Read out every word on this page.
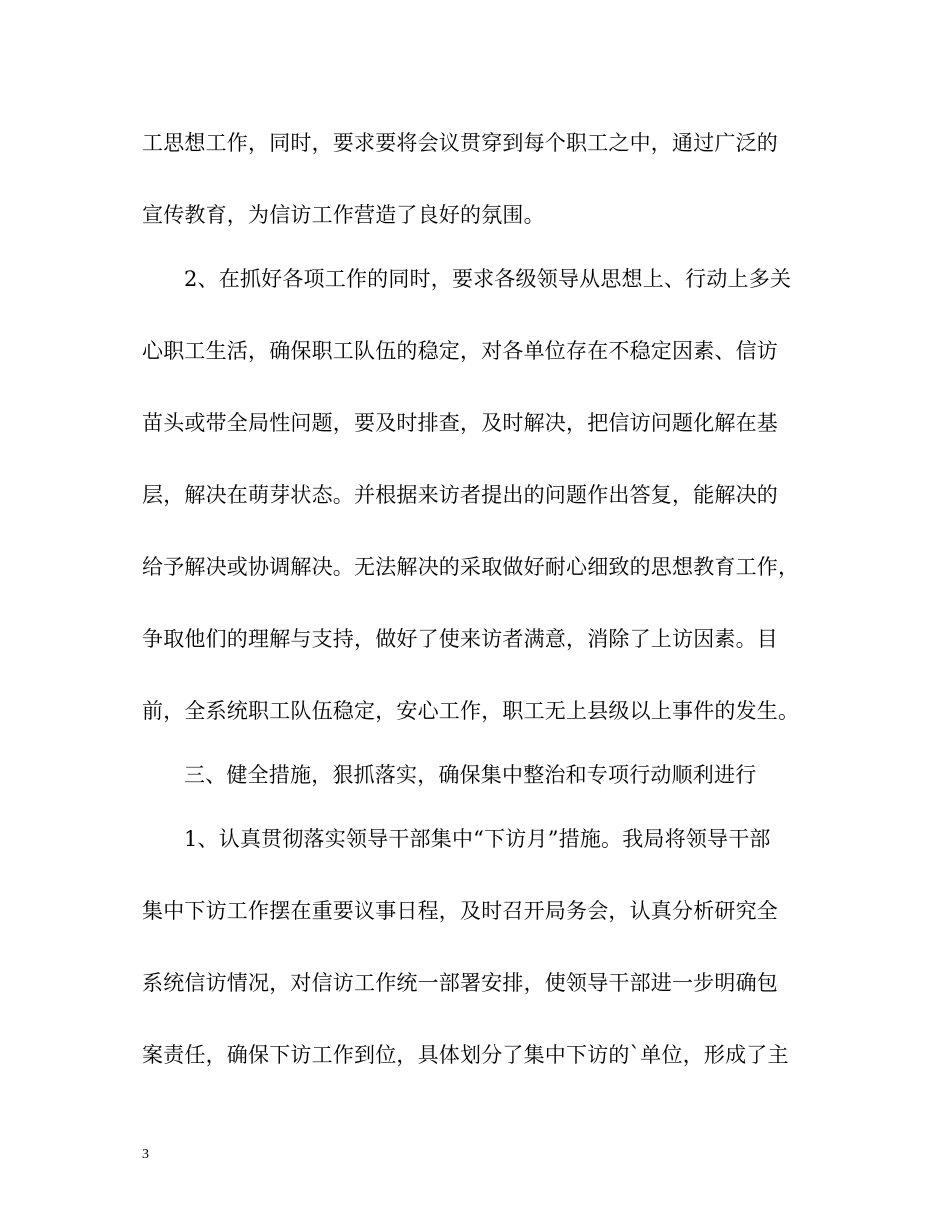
工思想工作，同时，要求要将会议贯穿到每个职工之中，通过广泛的
宣传教育，为信访工作营造了良好的氛围。
2、在抓好各项工作的同时，要求各级领导从思想上、行动上多关
心职工生活，确保职工队伍的稳定，对各单位存在不稳定因素、信访
苗头或带全局性问题，要及时排查，及时解决，把信访问题化解在基
层，解决在萌芽状态。并根据来访者提出的问题作出答复，能解决的
给予解决或协调解决。无法解决的采取做好耐心细致的思想教育工作，
争取他们的理解与支持，做好了使来访者满意，消除了上访因素。目
前，全系统职工队伍稳定，安心工作，职工无上县级以上事件的发生。
三、健全措施，狠抓落实，确保集中整治和专项行动顺利进行
1、认真贯彻落实领导干部集中“下访月”措施。我局将领导干部
集中下访工作摆在重要议事日程，及时召开局务会，认真分析研究全
系统信访情况，对信访工作统一部署安排，使领导干部进一步明确包
案责任，确保下访工作到位，具体划分了集中下访的`单位，形成了主
3
